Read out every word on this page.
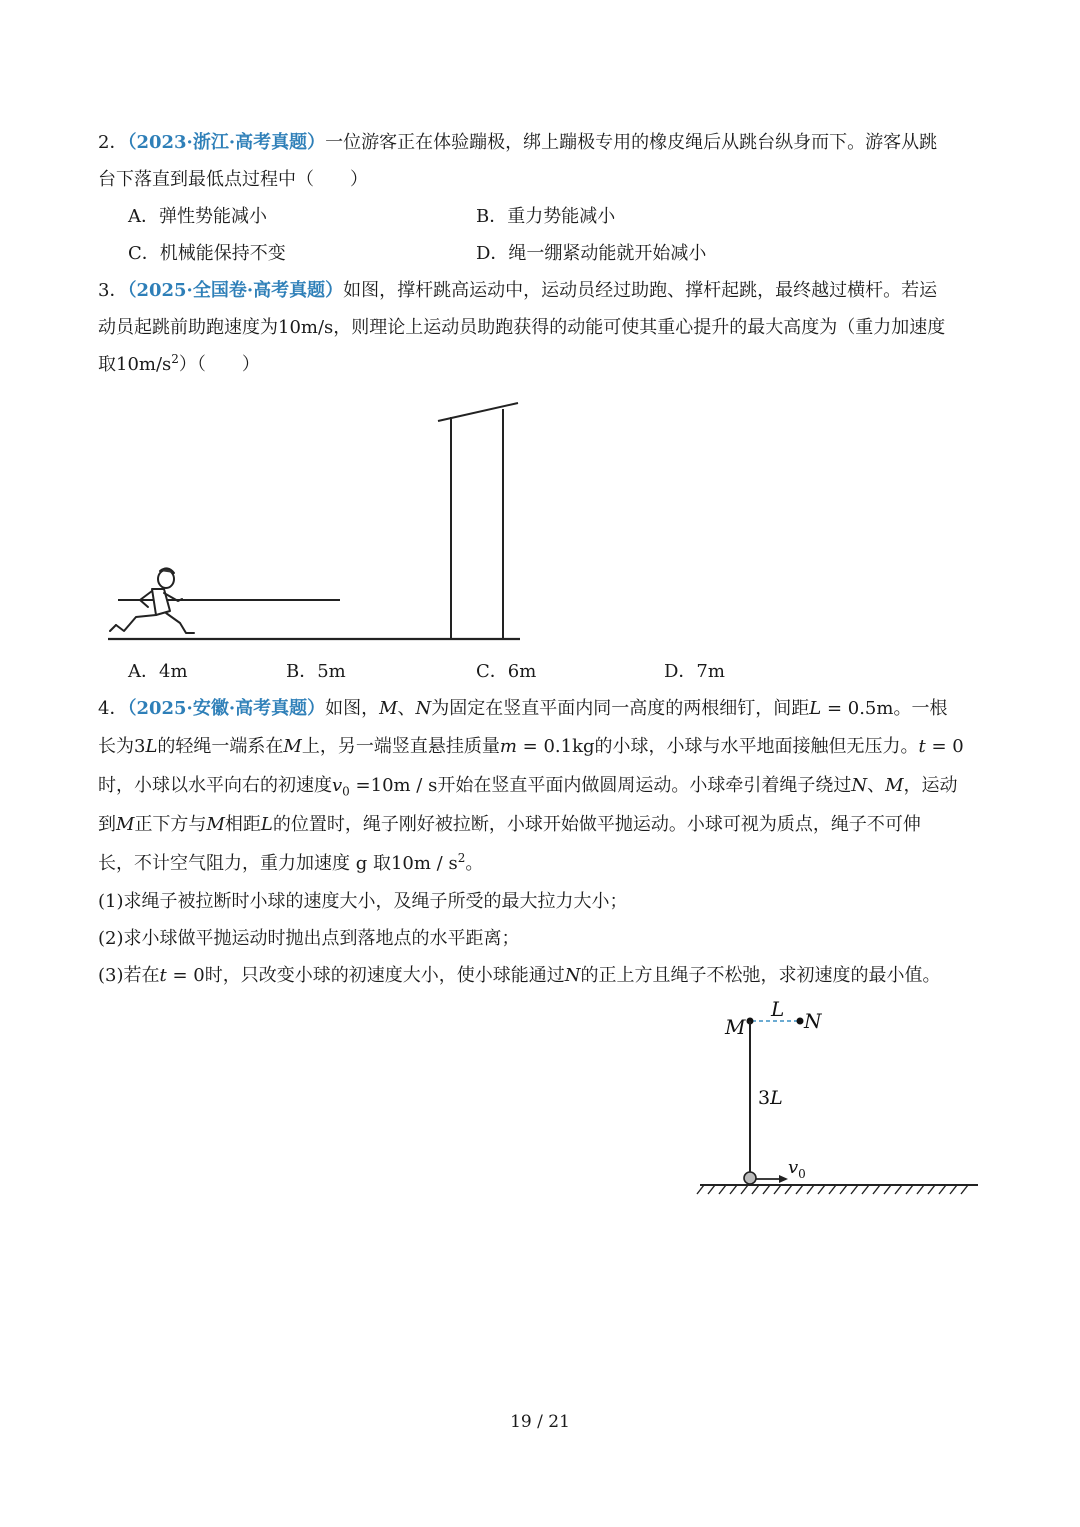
2．（2023·浙江·高考真题）一位游客正在体验蹦极，绑上蹦极专用的橡皮绳后从跳台纵身而下。游客从跳
台下落直到最低点过程中（　　）
A．弹性势能减小	B．重力势能减小
C．机械能保持不变	D．绳一绷紧动能就开始减小
3．（2025·全国卷·高考真题）如图，撑杆跳高运动中，运动员经过助跑、撑杆起跳，最终越过横杆。若运
动员起跳前助跑速度为10m/s，则理论上运动员助跑获得的动能可使其重心提升的最大高度为（重力加速度
取$10m/s^2$）（　　）
A．4m	B．5m	C．6m	D．7m
4．（2025·安徽·高考真题）如图，M、N为固定在竖直平面内同一高度的两根细钉，间距L = 0.5m。一根
长为3L的轻绳一端系在M上，另一端竖直悬挂质量m = 0.1kg的小球，小球与水平地面接触但无压力。t = 0
时，小球以水平向右的初速度$v_0 =10m / s$开始在竖直平面内做圆周运动。小球牵引着绳子绕过N、M，运动
到M正下方与M相距L的位置时，绳子刚好被拉断，小球开始做平抛运动。小球可视为质点，绳子不可伸
长，不计空气阻力，重力加速度 g 取$10m / s^2$。
(1)求绳子被拉断时小球的速度大小，及绳子所受的最大拉力大小；
(2)求小球做平抛运动时抛出点到落地点的水平距离；
(3)若在t = 0时，只改变小球的初速度大小，使小球能通过N的正上方且绳子不松弛，求初速度的最小值。
M	N
L
3L
$v_0$
19 / 21
